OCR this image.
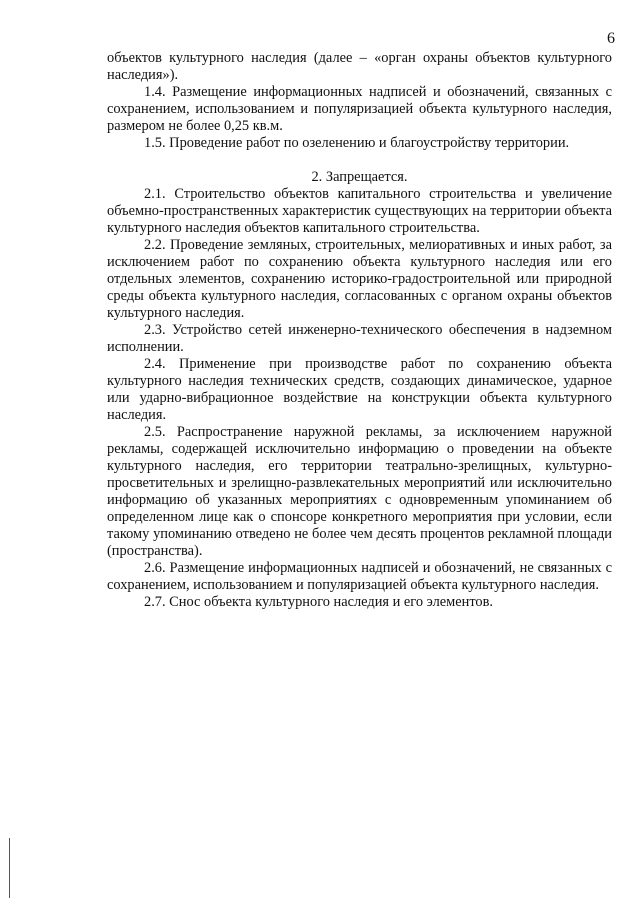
6

объектов культурного наследия (далее – «орган охраны объектов культурного наследия»).

1.4. Размещение информационных надписей и обозначений, связанных с сохранением, использованием и популяризацией объекта культурного наследия, размером не более 0,25 кв.м.

1.5. Проведение работ по озеленению и благоустройству территории.

2. Запрещается.

2.1. Строительство объектов капитального строительства и увеличение объемно-пространственных характеристик существующих на территории объекта культурного наследия объектов капитального строительства.

2.2. Проведение земляных, строительных, мелиоративных и иных работ, за исключением работ по сохранению объекта культурного наследия или его отдельных элементов, сохранению историко-градостроительной или природной среды объекта культурного наследия, согласованных с органом охраны объектов культурного наследия.

2.3. Устройство сетей инженерно-технического обеспечения в надземном исполнении.

2.4. Применение при производстве работ по сохранению объекта культурного наследия технических средств, создающих динамическое, ударное или ударно-вибрационное воздействие на конструкции объекта культурного наследия.

2.5. Распространение наружной рекламы, за исключением наружной рекламы, содержащей исключительно информацию о проведении на объекте культурного наследия, его территории театрально-зрелищных, культурно-просветительных и зрелищно-развлекательных мероприятий или исключительно информацию об указанных мероприятиях с одновременным упоминанием об определенном лице как о спонсоре конкретного мероприятия при условии, если такому упоминанию отведено не более чем десять процентов рекламной площади (пространства).

2.6. Размещение информационных надписей и обозначений, не связанных с сохранением, использованием и популяризацией объекта культурного наследия.

2.7. Снос объекта культурного наследия и его элементов.
